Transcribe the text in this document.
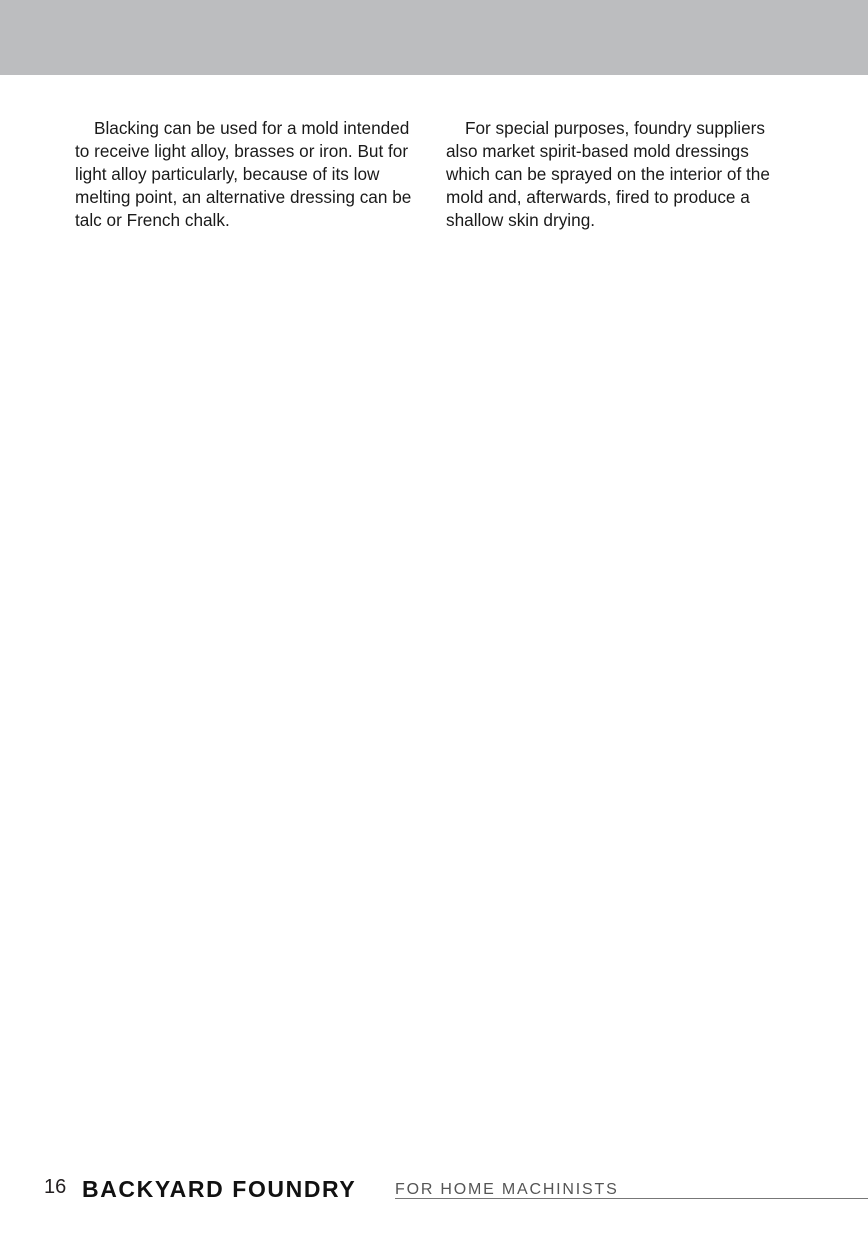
Blacking can be used for a mold intended to receive light alloy, brasses or iron. But for light alloy particularly, because of its low melting point, an alternative dressing can be talc or French chalk.

For special purposes, foundry suppliers also market spirit-based mold dressings which can be sprayed on the interior of the mold and, afterwards, fired to produce a shallow skin drying.

16 BACKYARD FOUNDRY FOR HOME MACHINISTS
